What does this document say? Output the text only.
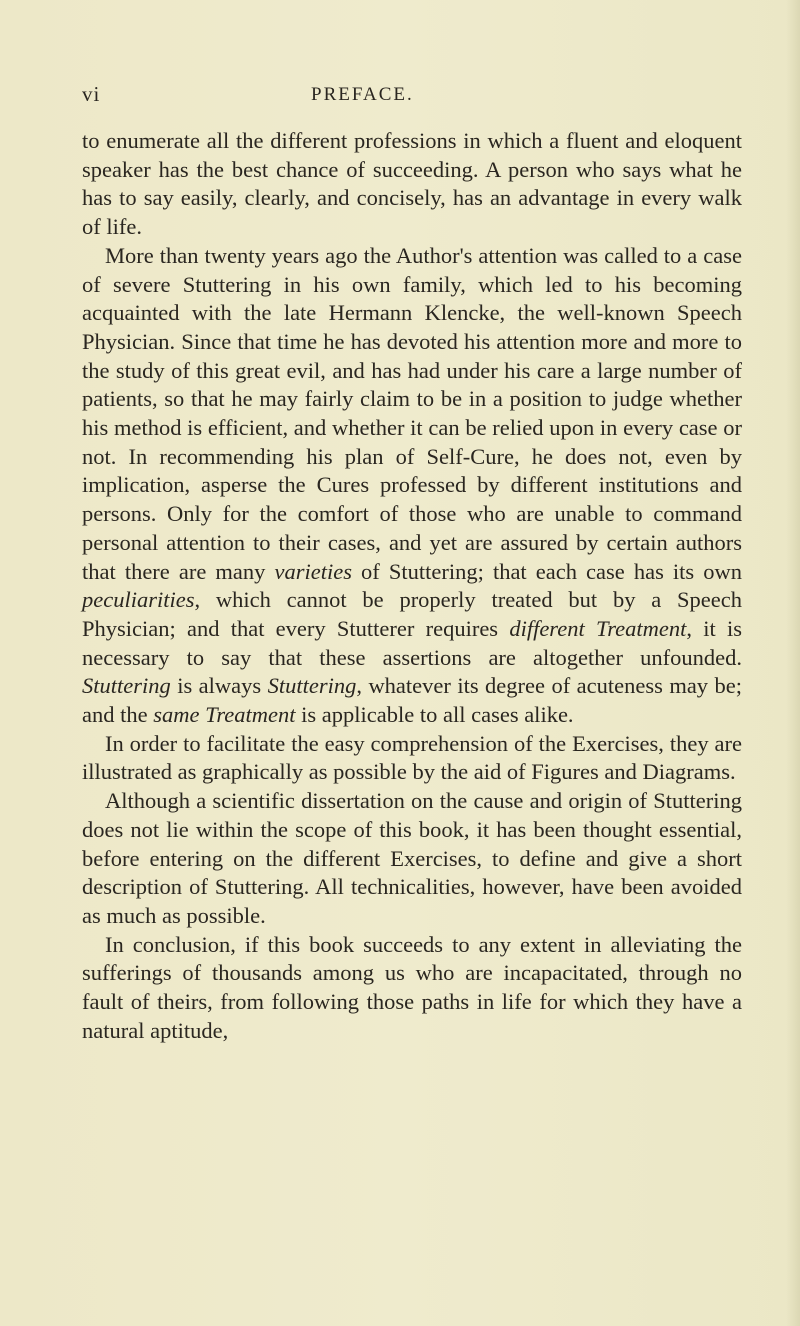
vi	PREFACE.

to enumerate all the different professions in which a fluent and eloquent speaker has the best chance of succeeding. A person who says what he has to say easily, clearly, and concisely, has an advantage in every walk of life.

More than twenty years ago the Author's attention was called to a case of severe Stuttering in his own family, which led to his becoming acquainted with the late Hermann Klencke, the well-known Speech Physician. Since that time he has devoted his attention more and more to the study of this great evil, and has had under his care a large number of patients, so that he may fairly claim to be in a position to judge whether his method is efficient, and whether it can be relied upon in every case or not. In recommending his plan of Self-Cure, he does not, even by implication, asperse the Cures professed by different institutions and persons. Only for the comfort of those who are unable to command personal attention to their cases, and yet are assured by certain authors that there are many varieties of Stuttering; that each case has its own peculiarities, which cannot be properly treated but by a Speech Physician; and that every Stutterer requires different Treatment, it is necessary to say that these assertions are altogether unfounded. Stuttering is always Stuttering, whatever its degree of acuteness may be; and the same Treatment is applicable to all cases alike.

In order to facilitate the easy comprehension of the Exercises, they are illustrated as graphically as possible by the aid of Figures and Diagrams.

Although a scientific dissertation on the cause and origin of Stuttering does not lie within the scope of this book, it has been thought essential, before entering on the different Exercises, to define and give a short description of Stuttering. All technicalities, however, have been avoided as much as possible.

In conclusion, if this book succeeds to any extent in alleviating the sufferings of thousands among us who are incapacitated, through no fault of theirs, from following those paths in life for which they have a natural aptitude,
